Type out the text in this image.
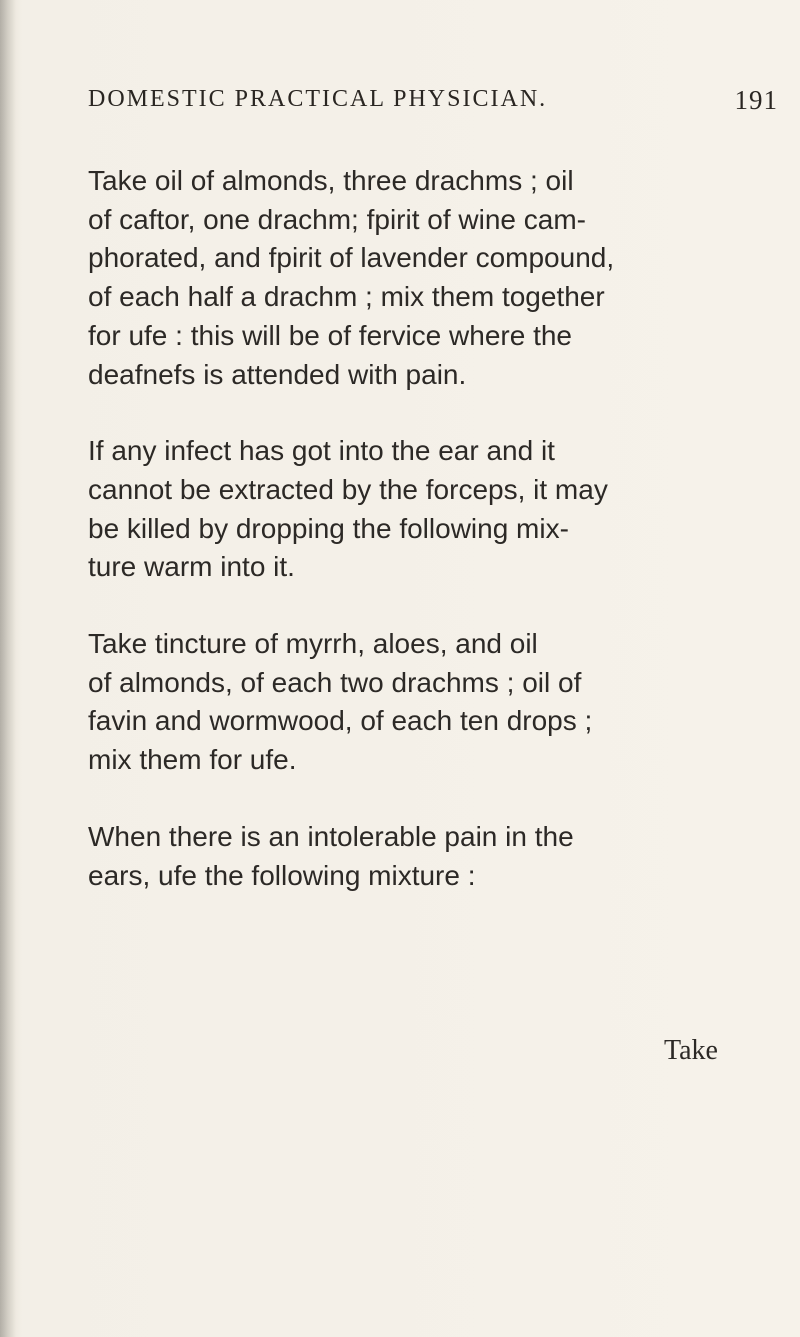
DOMESTIC PRACTICAL PHYSICIAN.	191
Take oil of almonds, three drachms ; oil
of caftor, one drachm; fpirit of wine cam-
phorated, and fpirit of lavender compound,
of each half a drachm ; mix them together
for ufe : this will be of fervice where the
deafnefs is attended with pain.
If any infect has got into the ear and it
cannot be extracted by the forceps, it may
be killed by dropping the following mix-
ture warm into it.
Take tincture of myrrh, aloes, and oil
of almonds, of each two drachms ; oil of
favin and wormwood, of each ten drops ;
mix them for ufe.
When there is an intolerable pain in the
ears, ufe the following mixture :
Take
